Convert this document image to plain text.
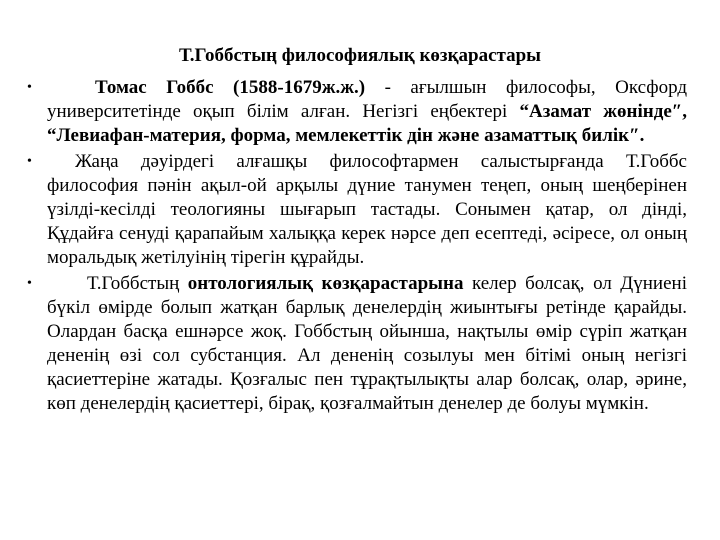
Т.Гоббстың философиялық көзқарастары
•	Томас Гоббс (1588-1679ж.ж.) - ағылшын философы, Оксфорд университетінде оқып білім алған. Негізгі еңбектері “Азамат жөнінде″, “Левиафан-материя, форма, мемлекеттік дін және азаматтық билік″.
• Жаңа дәуірдегі алғашқы философтармен салыстырғанда Т.Гоббс философия пәнін ақыл-ой арқылы дүние танумен теңеп, оның шеңберінен үзілді-кесілді теологияны шығарып тастады. Сонымен қатар, ол дінді, Құдайға сенуді қарапайым халыққа керек нәрсе деп есептеді, әсіресе, ол оның моральдық жетілуінің тірегін құрайды.
•	Т.Гоббстың онтологиялық көзқарастарына келер болсақ, ол Дүниені бүкіл өмірде болып жатқан барлық денелердің жиынтығы ретінде қарайды. Олардан басқа ешнәрсе жоқ. Гоббстың ойынша, нақтылы өмір сүріп жатқан дененің өзі сол субстанция. Ал дененің созылуы мен бітімі оның негізгі қасиеттеріне жатады. Қозғалыс пен тұрақтылықты алар болсақ, олар, әрине, көп денелердің қасиеттері, бірақ, қозғалмайтын денелер де болуы мүмкін.
